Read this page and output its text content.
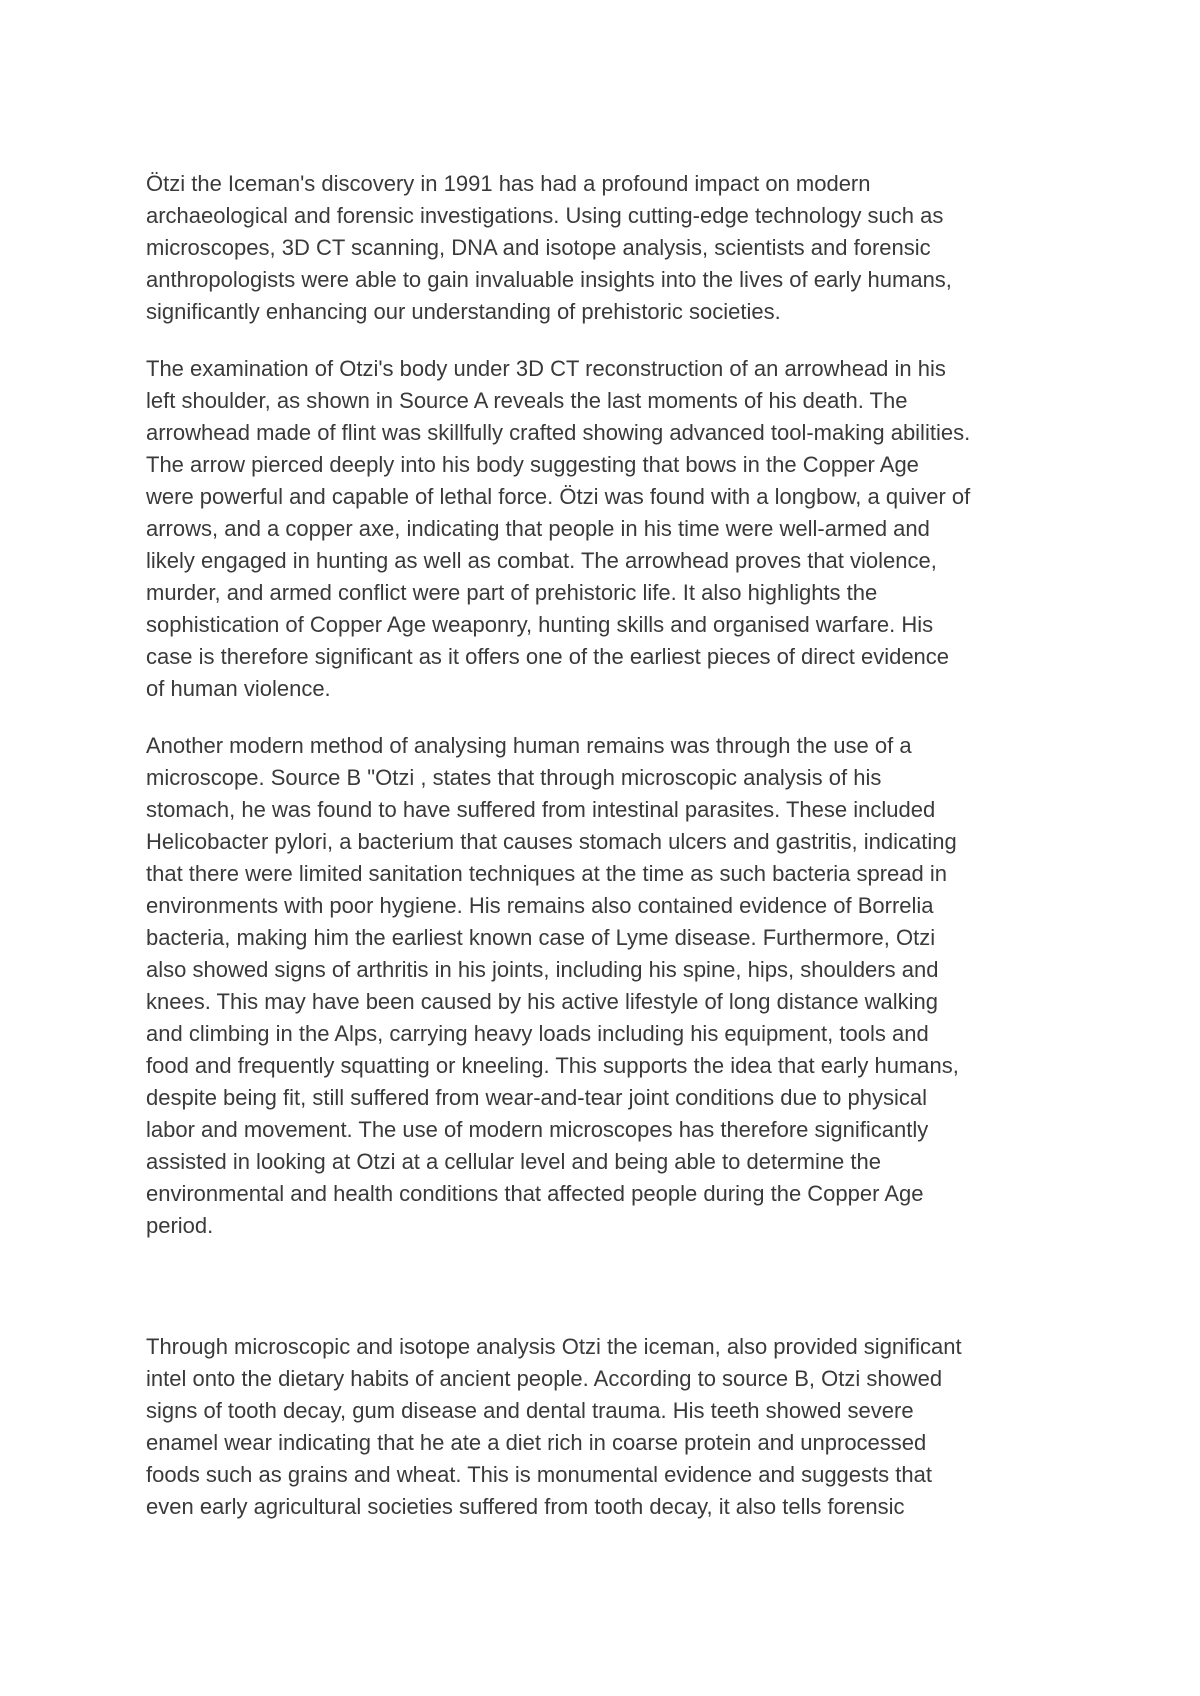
Ötzi the Iceman's discovery in 1991 has had a profound impact on modern
archaeological and forensic investigations. Using cutting-edge technology such as
microscopes, 3D CT scanning, DNA and isotope analysis, scientists and forensic
anthropologists were able to gain invaluable insights into the lives of early humans,
significantly enhancing our understanding of prehistoric societies.

The examination of Otzi's body under 3D CT reconstruction of an arrowhead in his
left shoulder, as shown in Source A reveals the last moments of his death. The
arrowhead made of flint was skillfully crafted showing advanced tool-making abilities.
The arrow pierced deeply into his body suggesting that bows in the Copper Age
were powerful and capable of lethal force. Ötzi was found with a longbow, a quiver of
arrows, and a copper axe, indicating that people in his time were well-armed and
likely engaged in hunting as well as combat. The arrowhead proves that violence,
murder, and armed conflict were part of prehistoric life. It also highlights the
sophistication of Copper Age weaponry, hunting skills and organised warfare. His
case is therefore significant as it offers one of the earliest pieces of direct evidence
of human violence.

Another modern method of analysing human remains was through the use of a
microscope. Source B "Otzi , states that through microscopic analysis of his
stomach, he was found to have suffered from intestinal parasites. These included
Helicobacter pylori, a bacterium that causes stomach ulcers and gastritis, indicating
that there were limited sanitation techniques at the time as such bacteria spread in
environments with poor hygiene. His remains also contained evidence of Borrelia
bacteria, making him the earliest known case of Lyme disease. Furthermore, Otzi
also showed signs of arthritis in his joints, including his spine, hips, shoulders and
knees. This may have been caused by his active lifestyle of long distance walking
and climbing in the Alps, carrying heavy loads including his equipment, tools and
food and frequently squatting or kneeling. This supports the idea that early humans,
despite being fit, still suffered from wear-and-tear joint conditions due to physical
labor and movement. The use of modern microscopes has therefore significantly
assisted in looking at Otzi at a cellular level and being able to determine the
environmental and health conditions that affected people during the Copper Age
period.

Through microscopic and isotope analysis Otzi the iceman, also provided significant
intel onto the dietary habits of ancient people. According to source B, Otzi showed
signs of tooth decay, gum disease and dental trauma. His teeth showed severe
enamel wear indicating that he ate a diet rich in coarse protein and unprocessed
foods such as grains and wheat. This is monumental evidence and suggests that
even early agricultural societies suffered from tooth decay, it also tells forensic
